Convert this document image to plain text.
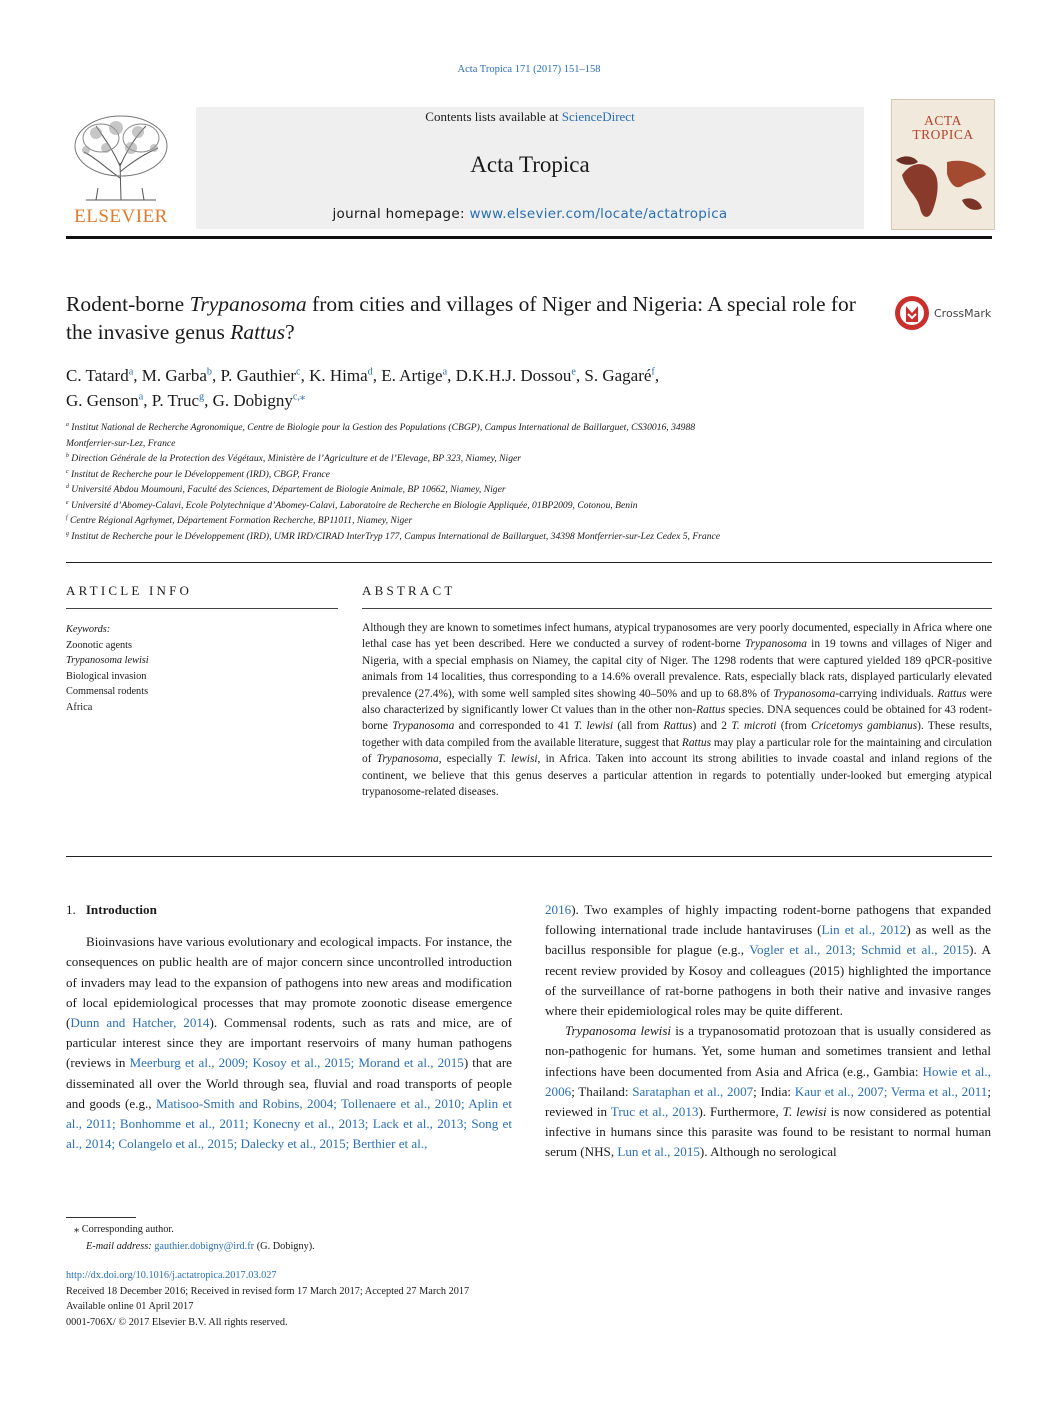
Acta Tropica 171 (2017) 151–158
ELSEVIER
Contents lists available at ScienceDirect
Acta Tropica
journal homepage: www.elsevier.com/locate/actatropica
ACTA
TROPICA
Rodent-borne Trypanosoma from cities and villages of Niger and Nigeria: A special role for the invasive genus Rattus?
CrossMark
C. Tatard$^a$, M. Garba$^b$, P. Gauthier$^c$, K. Hima$^d$, E. Artige$^a$, D.K.H.J. Dossou$^e$, S. Gagaré$^f$,
G. Genson$^a$, P. Truc$^g$, G. Dobigny$^{c,⁎}$
$^a$ Institut National de Recherche Agronomique, Centre de Biologie pour la Gestion des Populations (CBGP), Campus International de Baillarguet, CS30016, 34988
Montferrier-sur-Lez, France
$^b$ Direction Générale de la Protection des Végétaux, Ministère de l’Agriculture et de l’Elevage, BP 323, Niamey, Niger
$^c$ Institut de Recherche pour le Développement (IRD), CBGP, France
$^d$ Université Abdou Moumouni, Faculté des Sciences, Département de Biologie Animale, BP 10662, Niamey, Niger
$^e$ Université d’Abomey-Calavi, Ecole Polytechnique d’Abomey-Calavi, Laboratoire de Recherche en Biologie Appliquée, 01BP2009, Cotonou, Benin
$^f$ Centre Régional Agrhymet, Département Formation Recherche, BP11011, Niamey, Niger
$^g$ Institut de Recherche pour le Développement (IRD), UMR IRD/CIRAD InterTryp 177, Campus International de Baillarguet, 34398 Montferrier-sur-Lez Cedex 5, France
ARTICLE INFO
Keywords:
Zoonotic agents
Trypanosoma lewisi
Biological invasion
Commensal rodents
Africa
ABSTRACT
Although they are known to sometimes infect humans, atypical trypanosomes are very poorly documented, especially in Africa where one lethal case has yet been described. Here we conducted a survey of rodent-borne Trypanosoma in 19 towns and villages of Niger and Nigeria, with a special emphasis on Niamey, the capital city of Niger. The 1298 rodents that were captured yielded 189 qPCR-positive animals from 14 localities, thus corresponding to a 14.6% overall prevalence. Rats, especially black rats, displayed particularly elevated prevalence (27.4%), with some well sampled sites showing 40–50% and up to 68.8% of Trypanosoma-carrying individuals. Rattus were also characterized by significantly lower Ct values than in the other non-Rattus species. DNA sequences could be obtained for 43 rodent-borne Trypanosoma and corresponded to 41 T. lewisi (all from Rattus) and 2 T. microti (from Cricetomys gambianus). These results, together with data compiled from the available literature, suggest that Rattus may play a particular role for the maintaining and circulation of Trypanosoma, especially T. lewisi, in Africa. Taken into account its strong abilities to invade coastal and inland regions of the continent, we believe that this genus deserves a particular attention in regards to potentially under-looked but emerging atypical trypanosome-related diseases.
1. Introduction

Bioinvasions have various evolutionary and ecological impacts. For instance, the consequences on public health are of major concern since uncontrolled introduction of invaders may lead to the expansion of pathogens into new areas and modification of local epidemiological processes that may promote zoonotic disease emergence (Dunn and Hatcher, 2014). Commensal rodents, such as rats and mice, are of particular interest since they are important reservoirs of many human pathogens (reviews in Meerburg et al., 2009; Kosoy et al., 2015; Morand et al., 2015) that are disseminated all over the World through sea, fluvial and road transports of people and goods (e.g., Matisoo-Smith and Robins, 2004; Tollenaere et al., 2010; Aplin et al., 2011; Bonhomme et al., 2011; Konecny et al., 2013; Lack et al., 2013; Song et al., 2014; Colangelo et al., 2015; Dalecky et al., 2015; Berthier et al.,

2016). Two examples of highly impacting rodent-borne pathogens that expanded following international trade include hantaviruses (Lin et al., 2012) as well as the bacillus responsible for plague (e.g., Vogler et al., 2013; Schmid et al., 2015). A recent review provided by Kosoy and colleagues (2015) highlighted the importance of the surveillance of rat-borne pathogens in both their native and invasive ranges where their epidemiological roles may be quite different.

Trypanosoma lewisi is a trypanosomatid protozoan that is usually considered as non-pathogenic for humans. Yet, some human and sometimes transient and lethal infections have been documented from Asia and Africa (e.g., Gambia: Howie et al., 2006; Thailand: Sarataphan et al., 2007; India: Kaur et al., 2007; Verma et al., 2011; reviewed in Truc et al., 2013). Furthermore, T. lewisi is now considered as potential infective in humans since this parasite was found to be resistant to normal human serum (NHS, Lun et al., 2015). Although no serological

⁎ Corresponding author.
E-mail address: gauthier.dobigny@ird.fr (G. Dobigny).
http://dx.doi.org/10.1016/j.actatropica.2017.03.027
Received 18 December 2016; Received in revised form 17 March 2017; Accepted 27 March 2017
Available online 01 April 2017
0001-706X/ © 2017 Elsevier B.V. All rights reserved.
